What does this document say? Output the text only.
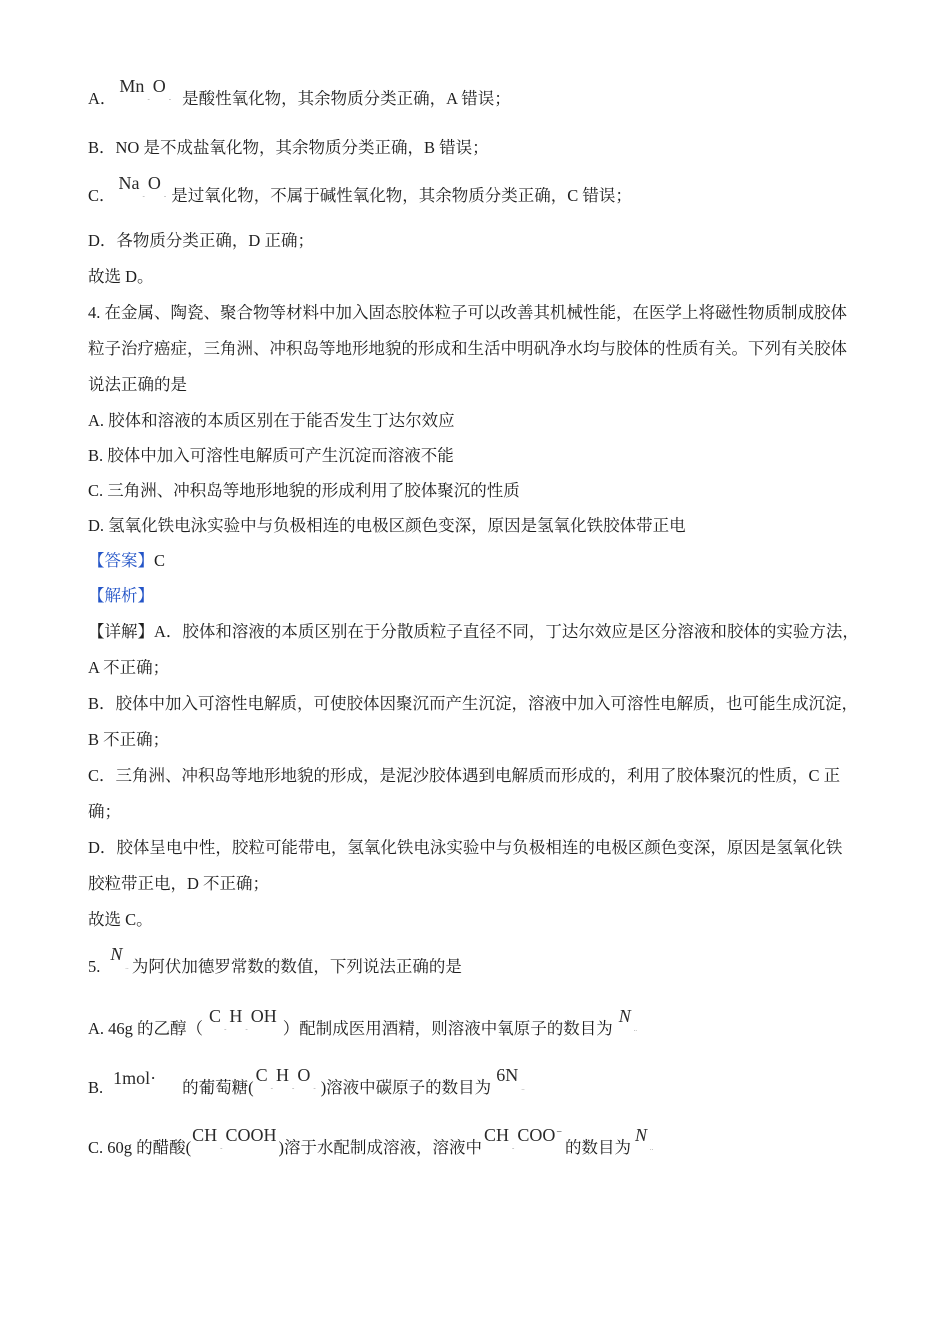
A．$Mn_-O_-$ 是酸性氧化物，其余物质分类正确，A 错误；
B．NO 是不成盐氧化物，其余物质分类正确，B 错误；
C．$Na_-O_-$ 是过氧化物，不属于碱性氧化物，其余物质分类正确，C 错误；
D．各物质分类正确，D 正确；
故选 D。
4. 在金属、陶瓷、聚合物等材料中加入固态胶体粒子可以改善其机械性能，在医学上将磁性物质制成胶体
粒子治疗癌症，三角洲、冲积岛等地形地貌的形成和生活中明矾净水均与胶体的性质有关。下列有关胶体
说法正确的是
A. 胶体和溶液的本质区别在于能否发生丁达尔效应
B. 胶体中加入可溶性电解质可产生沉淀而溶液不能
C. 三角洲、冲积岛等地形地貌的形成利用了胶体聚沉的性质
D. 氢氧化铁电泳实验中与负极相连的电极区颜色变深，原因是氢氧化铁胶体带正电
【答案】C
【解析】
【详解】A．胶体和溶液的本质区别在于分散质粒子直径不同，丁达尔效应是区分溶液和胶体的实验方法，
A 不正确；
B．胶体中加入可溶性电解质，可使胶体因聚沉而产生沉淀，溶液中加入可溶性电解质，也可能生成沉淀，
B 不正确；
C．三角洲、冲积岛等地形地貌的形成，是泥沙胶体遇到电解质而形成的，利用了胶体聚沉的性质，C 正
确；
D．胶体呈电中性，胶粒可能带电，氢氧化铁电泳实验中与负极相连的电极区颜色变深，原因是氢氧化铁
胶粒带正电，D 不正确；
故选 C。
$5.N_{..}$ 为阿伏加德罗常数的数值，下列说法正确的是
A. 46g 的乙醇$(C_-H_-OH)$配制成医用酒精，则溶液中氧原子的数目为$N_{..}$
B. 1mol· 的葡萄糖($C_-H_-O_-$ )溶液中碳原子的数目为$6N_{..}$
C. 60g 的醋酸$(CH_-COOH)$溶于水配制成溶液，溶液中$CH_-COO^-$的数目为$N_{..}$
